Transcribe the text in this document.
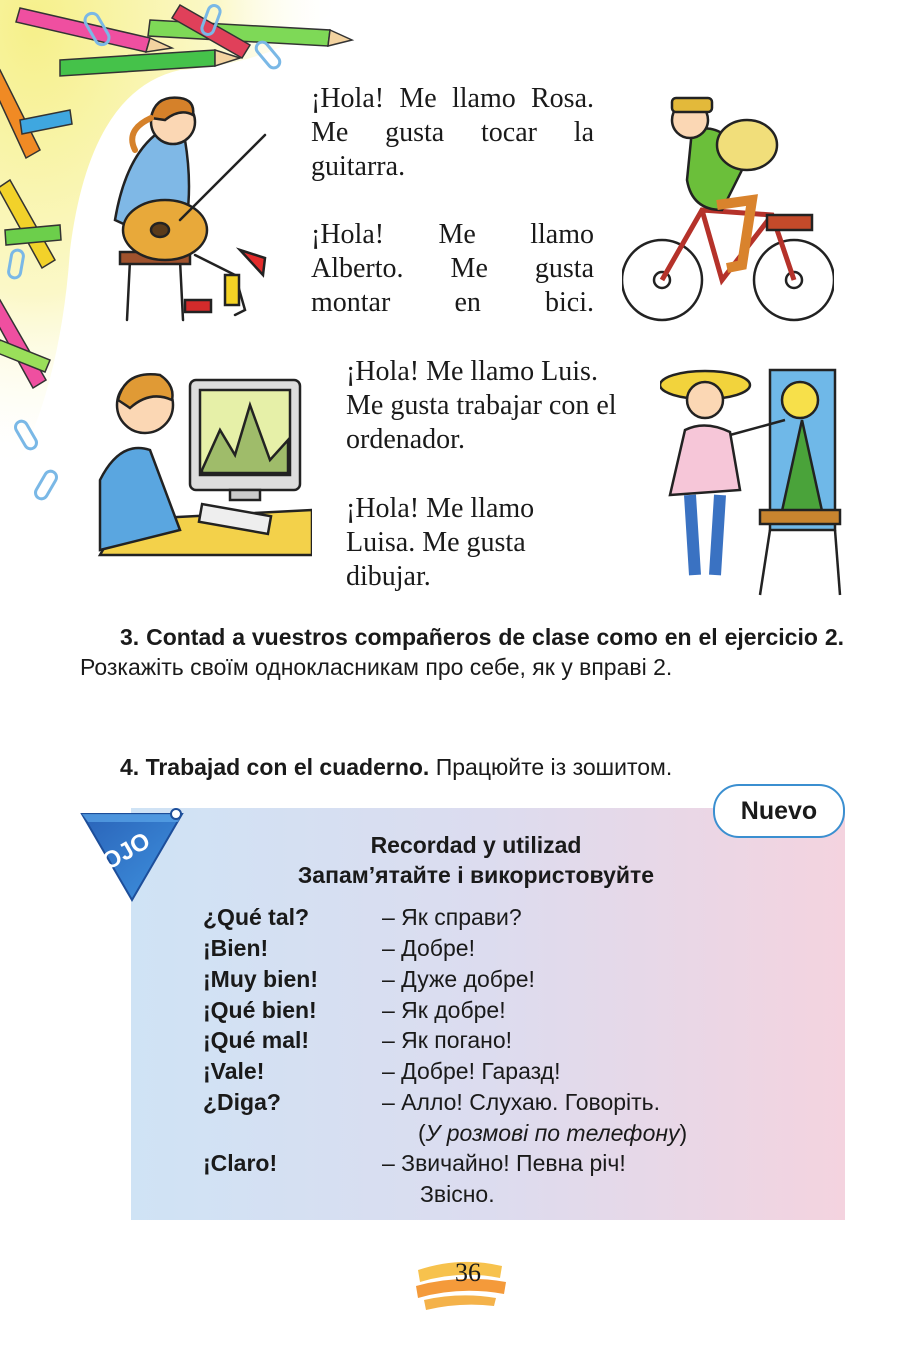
¡Hola! Me llamo Rosa. Me gusta tocar la guitarra.
¡Hola! Me llamo Alberto. Me gusta montar en bici.
¡Hola! Me llamo Luis. Me gusta trabajar con el ordenador.
¡Hola! Me llamo Luisa. Me gusta dibujar.
3. Contad a vuestros compañeros de clase como en el ejercicio 2. Розкажіть своїм однокласникам про себе, як у вправі 2.
4. Trabajad con el cuaderno. Працюйте із зошитом.
OJO
Nuevo
Recordad y utilizad
Запам’ятайте і використовуйте
¿Qué tal?	– Як справи?
¡Bien!	– Добре!
¡Muy bien!	– Дуже добре!
¡Qué bien!	– Як добре!
¡Qué mal!	– Як погано!
¡Vale!	– Добре! Гаразд!
¿Diga?	– Алло! Слухаю. Говоріть.
(У розмові по телефону)
¡Claro!	– Звичайно! Певна річ!
Звісно.
36
